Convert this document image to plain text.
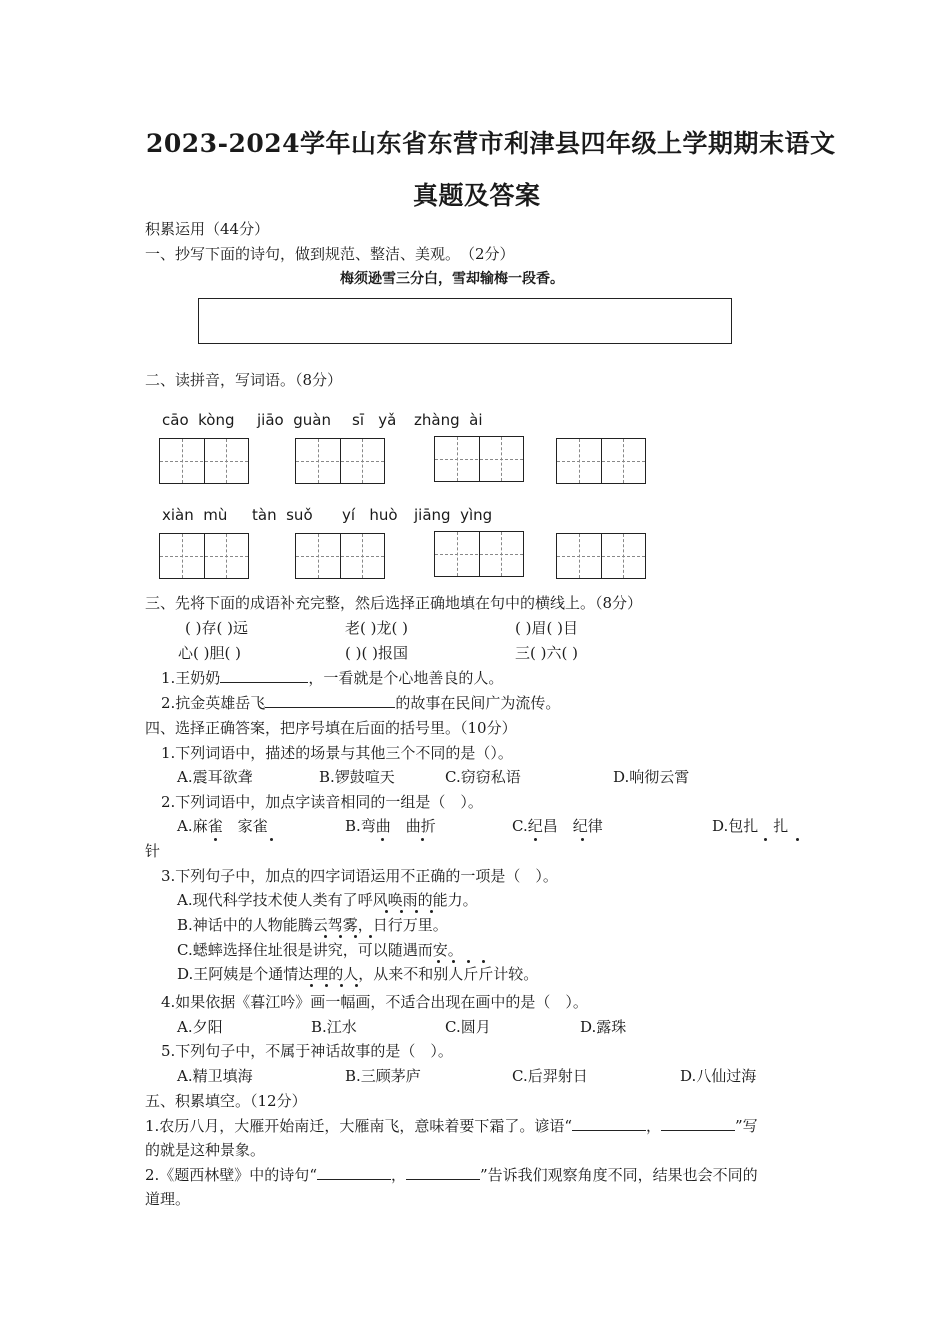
2023-2024学年山东省东营市利津县四年级上学期期末语文
真题及答案
积累运用（44分）
一、抄写下面的诗句，做到规范、整洁、美观。　（2分）
梅须逊雪三分白，雪却输梅一段香。
二、读拼音，写词语。（8分）
cāo  kòng jiāo  guàn sī   yǎ zhàng  ài
xiàn  mù tàn  suǒ yí   huò jiāng  yìng
三、先将下面的成语补充完整，然后选择正确地填在句中的横线上。（8分）
( )存( )远	老( )龙( )	( )眉( )目
心( )胆( )	( )( )报国	三( )六( )
1.王奶奶	，一看就是个心地善良的人。
2.抗金英雄岳飞	的故事在民间广为流传。
四、选择正确答案，把序号填在后面的括号里。（10分）
1.下列词语中，描述的场景与其他三个不同的是（）。
A.震耳欲聋	B.锣鼓喧天	C.窃窃私语	D.响彻云霄
2.下列词语中，加点字读音相同的一组是（　）。
A.麻雀　家雀	B.弯曲　曲折	C.纪昌　纪律	D.包扎　扎
针
3.下列句子中，加点的四字词语运用不正确的一项是（　）。
A.现代科学技术使人类有了呼风唤雨的能力。
B.神话中的人物能腾云驾雾，日行万里。
C.蟋蟀选择住址很是讲究，可以随遇而安。
D.王阿姨是个通情达理的人，从来不和别人斤斤计较。
4.如果依据《暮江吟》画一幅画，不适合出现在画中的是（　）。
A.夕阳	B.江水	C.圆月	D.露珠
5.下列句子中，不属于神话故事的是（　）。
A.精卫填海	B.三顾茅庐	C.后羿射日	D.八仙过海
五、积累填空。（12分）
1.农历八月，大雁开始南迁，大雁南飞，意味着要下霜了。谚语“	，	”写
的就是这种景象。
2.《题西林壁》中的诗句“	，	”告诉我们观察角度不同，结果也会不同的
道理。
